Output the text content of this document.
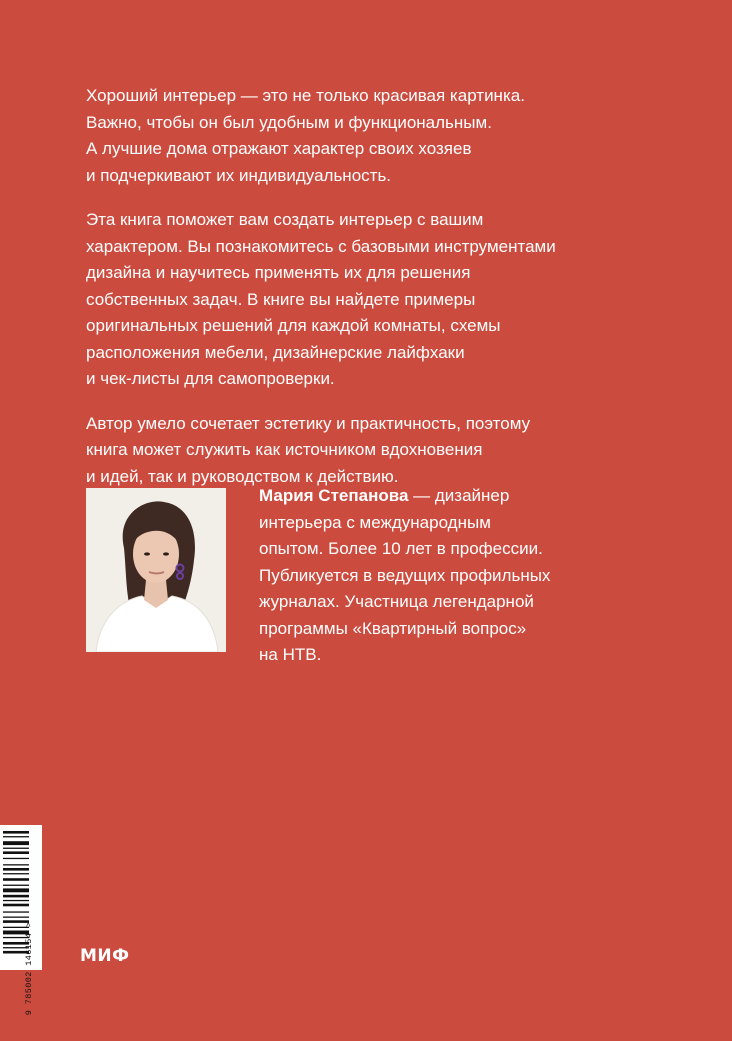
Хороший интерьер — это не только красивая картинка.
Важно, чтобы он был удобным и функциональным.
А лучшие дома отражают характер своих хозяев
и подчеркивают их индивидуальность.

Эта книга поможет вам создать интерьер с вашим
характером. Вы познакомитесь с базовыми инструментами
дизайна и научитесь применять их для решения
собственных задач. В книге вы найдете примеры
оригинальных решений для каждой комнаты, схемы
расположения мебели, дизайнерские лайфхаки
и чек-листы для самопроверки.

Автор умело сочетает эстетику и практичность, поэтому
книга может служить как источником вдохновения
и идей, так и руководством к действию.

Мария Степанова — дизайнер
интерьера с международным
опытом. Более 10 лет в профессии.
Публикуется в ведущих профильных
журналах. Участница легендарной
программы «Квартирный вопрос»
на НТВ.
9 785002 146154 >	МИФ
